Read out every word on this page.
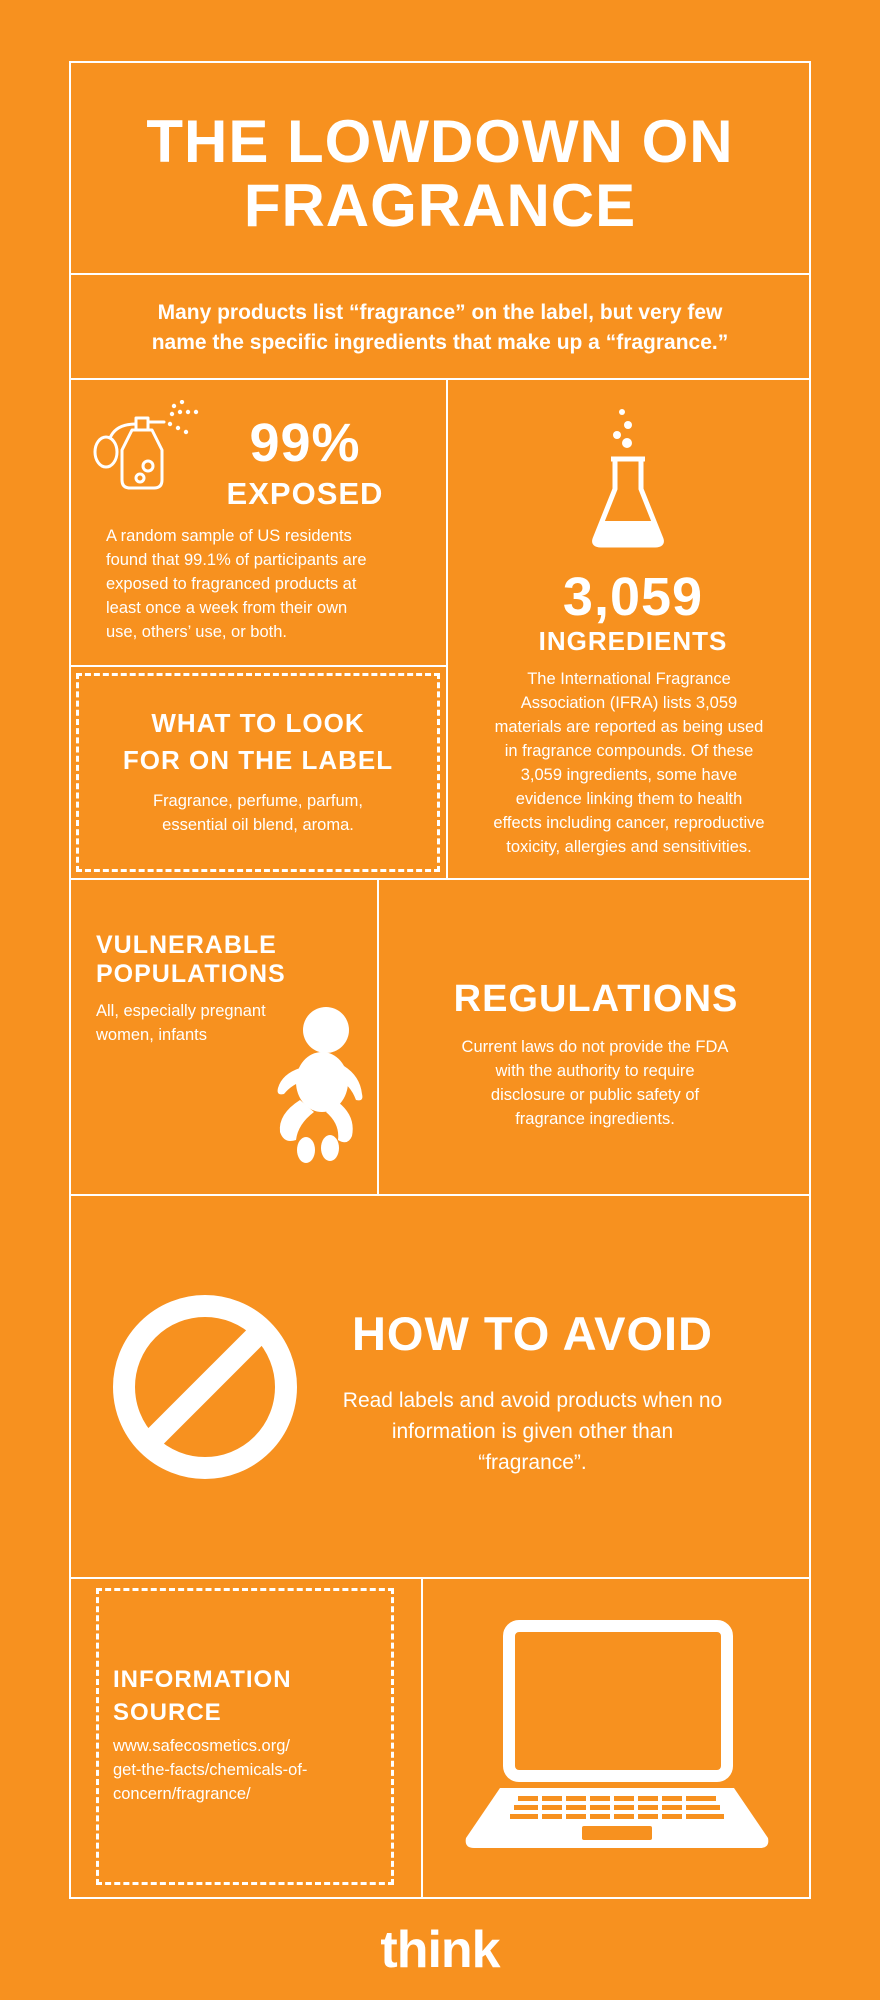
THE LOWDOWN ON
FRAGRANCE
Many products list “fragrance” on the label, but very few
name the specific ingredients that make up a “fragrance.”
99%
EXPOSED
A random sample of US residents
found that 99.1% of participants are
exposed to fragranced products at
least once a week from their own
use, others’ use, or both.
3,059
INGREDIENTS
The International Fragrance
Association (IFRA) lists 3,059
materials are reported as being used
in fragrance compounds. Of these
3,059 ingredients, some have
evidence linking them to health
effects including cancer, reproductive
toxicity, allergies and sensitivities.
WHAT TO LOOK
FOR ON THE LABEL
Fragrance, perfume, parfum,
essential oil blend, aroma.
VULNERABLE
POPULATIONS
All, especially pregnant
women, infants
REGULATIONS
Current laws do not provide the FDA
with the authority to require
disclosure or public safety of
fragrance ingredients.
HOW TO AVOID
Read labels and avoid products when no
information is given other than
“fragrance”.
INFORMATION
SOURCE
www.safecosmetics.org/
get-the-facts/chemicals-of-
concern/fragrance/
think
